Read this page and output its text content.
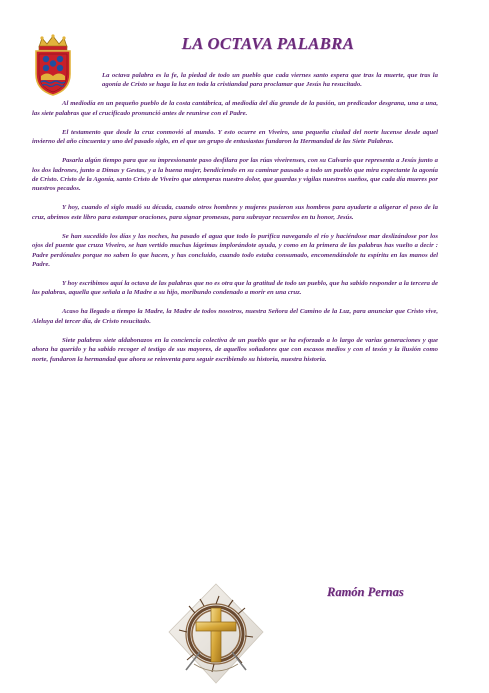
LA OCTAVA PALABRA

La octava palabra es la fe, la piedad de todo un pueblo que cada viernes santo espera que tras la muerte, que tras la agonía de Cristo se haga la luz en toda la cristiandad para proclamar que Jesús ha resucitado.

Al mediodía en un pequeño pueblo de la costa cantábrica, al mediodía del día grande de la pasión, un predicador desgrana, una a una, las siete palabras que el crucificado pronunció antes de reunirse con el Padre.

El testamento que desde la cruz conmovió al mundo. Y esto ocurre en Viveiro, una pequeña ciudad del norte lucense desde aquel invierno del año cincuenta y uno del pasado siglo, en el que un grupo de entusiastas fundaron la Hermandad de las Siete Palabras.

Pasarla algún tiempo para que su impresionante paso desfilara por las rúas viveirenses, con su Calvario que representa a Jesús junto a los dos ladrones, junto a Dimas y Gestas, y a la buena mujer, bendiciendo en su caminar pausado a todo un pueblo que mira expectante la agonía de Cristo. Cristo de la Agonía, santo Cristo de Viveiro que atemperas nuestro dolor, que guardas y vigilas nuestros sueños, que cada día mueres por nuestros pecados.

Y hoy, cuando el siglo mudó su década, cuando otros hombres y mujeres pusieron sus hombros para ayudarte a aligerar el peso de la cruz, abrimos este libro para estampar oraciones, para signar promesas, para subrayar recuerdos en tu honor, Jesús.

Se han sucedido los días y las noches, ha pasado el agua que todo lo purifica navegando el río y haciéndose mar deslizándose por los ojos del puente que cruza Viveiro, se han vertido muchas lágrimas implorándote ayuda, y como en la primera de las palabras has vuelto a decir : Padre perdónales porque no saben lo que hacen, y has concluido, cuando todo estaba consumado, encomendándole tu espíritu en las manos del Padre.

Y hoy escribimos aquí la octava de las palabras que no es otra que la gratitud de todo un pueblo, que ha sabido responder a la tercera de las palabras, aquella que señala a la Madre a su hijo, moribundo condenado a morir en una cruz.

Acaso ha llegado a tiempo la Madre, la Madre de todos nosotros, nuestra Señora del Camino de la Luz, para anunciar que Cristo vive, Aleluya del tercer día, de Cristo resucitado.

Siete palabras siete aldabonazos en la conciencia colectiva de un pueblo que se ha esforzado a lo largo de varias generaciones y que ahora ha querido y ha sabido recoger el testigo de sus mayores, de aquellos soñadores que con escasos medios y con el tesón y la ilusión como norte, fundaron la hermandad que ahora se reinventa para seguir escribiendo su historia, nuestra historia.

Ramón Pernas
